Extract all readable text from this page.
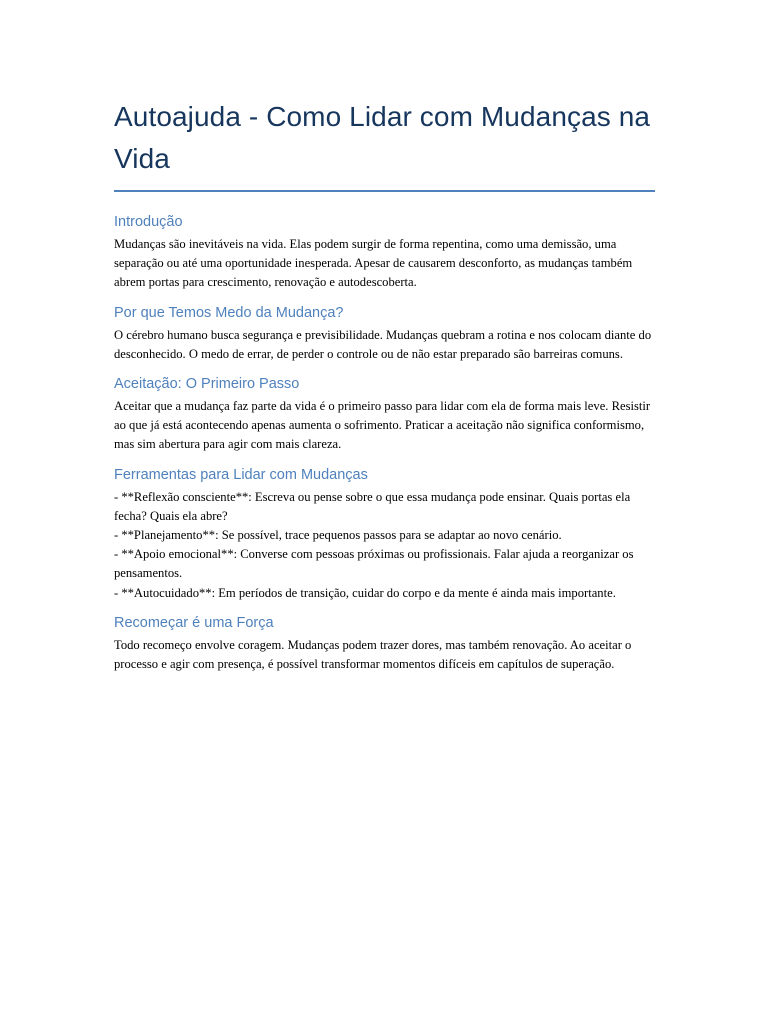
Autoajuda - Como Lidar com Mudanças na Vida
Introdução

Mudanças são inevitáveis na vida. Elas podem surgir de forma repentina, como uma demissão, uma separação ou até uma oportunidade inesperada. Apesar de causarem desconforto, as mudanças também abrem portas para crescimento, renovação e autodescoberta.

Por que Temos Medo da Mudança?

O cérebro humano busca segurança e previsibilidade. Mudanças quebram a rotina e nos colocam diante do desconhecido. O medo de errar, de perder o controle ou de não estar preparado são barreiras comuns.

Aceitação: O Primeiro Passo

Aceitar que a mudança faz parte da vida é o primeiro passo para lidar com ela de forma mais leve. Resistir ao que já está acontecendo apenas aumenta o sofrimento. Praticar a aceitação não significa conformismo, mas sim abertura para agir com mais clareza.

Ferramentas para Lidar com Mudanças

- **Reflexão consciente**: Escreva ou pense sobre o que essa mudança pode ensinar. Quais portas ela fecha? Quais ela abre?

- **Planejamento**: Se possível, trace pequenos passos para se adaptar ao novo cenário.

- **Apoio emocional**: Converse com pessoas próximas ou profissionais. Falar ajuda a reorganizar os pensamentos.

- **Autocuidado**: Em períodos de transição, cuidar do corpo e da mente é ainda mais importante.

Recomeçar é uma Força

Todo recomeço envolve coragem. Mudanças podem trazer dores, mas também renovação. Ao aceitar o processo e agir com presença, é possível transformar momentos difíceis em capítulos de superação.
